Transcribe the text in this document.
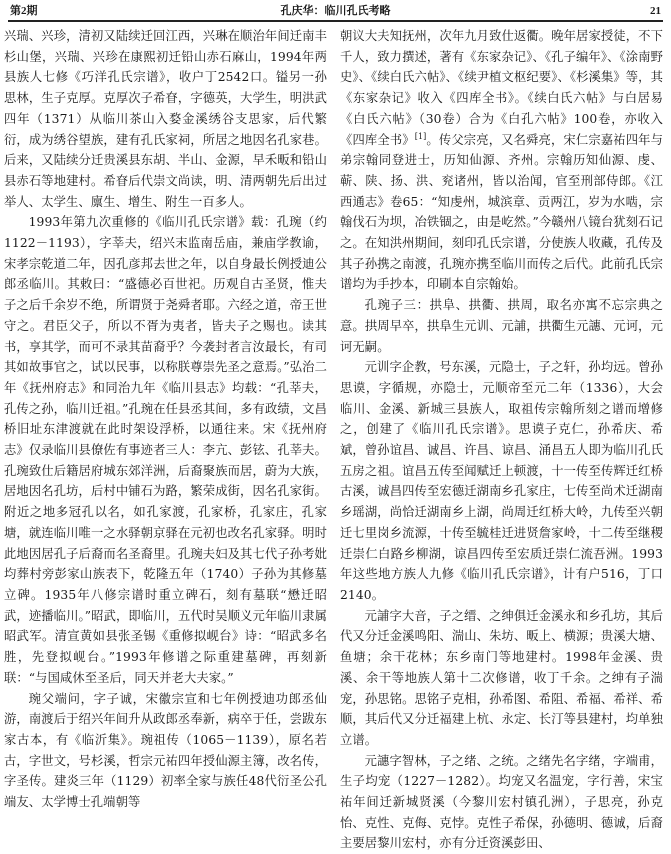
第2期	孔庆华：临川孔氏考略	21

兴瑞、兴珍，清初又陆续迁回江西，兴琳在顺治年间迁南丰杉山堡，兴瑞、兴珍在康熙初迁铅山赤石麻山，1994年两县族人七修《巧洋孔氏宗谱》，收户丁2542口。镒另一孙思林，生子克厚。克厚次子希眘，字德英，大学生，明洪武四年（1371）从临川茶山入婺金溪绣谷支思家，后代繁衍，成为绣谷望族，建有孔氏家祠，所居之地因名孔家巷。后来，又陆续分迁贵溪县东胡、半山、金源，早禾畈和铅山县赤石等地建村。希眘后代崇文尚读，明、清两朝先后出过举人、太学生、廪生、增生、附生一百多人。

1993年第九次重修的《临川孔氏宗谱》载：孔琬（约1122－1193），字莘夫，绍兴末监南岳庙，兼庙学教谕，宋孝宗乾道二年，因孔彦邦去世之年，以自身最长例授迪公郎丞临川。其敕曰：“盛德必百世祀。历观自古圣贤，惟夫子之后千余岁不绝，所谓贤于尧舜者耶。六经之道，帝王世守之。君臣父子，所以不胥为夷者，皆夫子之赐也。读其书，享其学，而可不录其苗裔乎？今袭封者言汝最长，有司其如故事官之，试以民事，以称朕尊崇先圣之意焉。”弘治二年《抚州府志》和同治九年《临川县志》均载：“孔莘夫，孔传之孙，临川迁祖。”孔琬在任县丞其间，多有政绩，文昌桥旧址东津渡就在此时架设浮桥，以通往来。宋《抚州府志》仅录临川县僚佐有事迹者三人：李亢、彭铉、孔莘夫。孔琬致仕后籍居府城东郊洋洲，后裔聚族而居，蔚为大族，居地因名孔坊，后村中铺石为路，繁荣成街，因名孔家街。附近之地多冠孔以名，如孔家渡，孔家桥，孔家庄，孔家塘，就连临川唯一之水驿朝京驿在元初也改名孔家驿。明时此地因居孔子后裔而名圣裔里。孔琬夫妇及其七代子孙考妣均葬村旁彭家山族表下，乾隆五年（1740）子孙为其修墓立碑。1935年八修宗谱时重立碑石，刻有墓联“懋迁昭武，迹播临川。”昭武，即临川，五代时吴顺义元年临川隶属昭武军。清宣黄如县张圣锡《重修拟岘台》诗：“昭武多名胜，先登拟岘台。”1993年修谱之际重建墓碑，再刻新联：“与国咸休至圣后，同天并老大夫家。”

琬父端问，字子诚，宋徽宗宣和七年例授迪功郎丞仙游，南渡后于绍兴年间升从政郎丞奉新，病卒于任，尝跋东家古本，有《临沂集》。琬祖传（1065－1139），原名若古，字世文，号杉溪，哲宗元祐四年授仙源主簿，改名传，字圣传。建炎三年（1129）初率全家与族任48代衍圣公孔端友、太学博士孔端朝等

朝议大夫知抚州，次年九月致仕返衢。晚年居家授徒，不下千人，致力撰述，著有《东家杂记》、《孔子编年》、《涂南野史》、《续白氏六帖》、《续尹植文枢纪要》、《杉溪集》等，其《东家杂记》收入《四库全书》。《续白氏六帖》与白居易《白氏六帖》（30卷）合为《白孔六帖》100卷，亦收入《四库全书》[1]。传父宗亮，又名舜亮，宋仁宗嘉祐四年与弟宗翰同登进士，历知仙源、齐州。宗翰历知仙源、虔、蕲、陕、扬、洪、兖诸州，皆以治闻，官至刑部侍郎。《江西通志》卷65：“知虔州，城滨章、贡两江，岁为水啮，宗翰伐石为坝，冶铁锢之，由是屹然。”今赣州八镜台犹刻石记之。在知洪州期间，刻印孔氏宗谱，分使族人收藏，孔传及其子孙携之南渡，孔琬亦携至临川而传之后代。此前孔氏宗谱均为手抄本，印刷本自宗翰始。

孔琬子三：拱阜、拱衢、拱周，取名亦寓不忘宗典之意。拱周早卒，拱阜生元训、元誧，拱衢生元譓、元诃，元诃无嗣。

元训字企教，号东溪，元隐士，子之轩，孙均远。曾孙思谟，字循规，亦隐士，元顺帝至元二年（1336），大会临川、金溪、新城三县族人，取祖传宗翰所刻之谱而增修之，创建了《临川孔氏宗谱》。思谟子克仁，孙希庆、希斌，曾孙谊昌、诚昌、许昌、谅昌、涌昌五人即为临川孔氏五房之祖。谊昌五传至闻赋迁上顿渡，十一传至传辉迁红桥古溪，诚昌四传至宏德迁湖南乡孔家庄，七传至尚术迁湖南乡瑶湖，尚恰迁湖南乡上湖，尚周迁红桥大岭，九传至兴朝迁七里岗乡流源，十传至毓桂迁进贤詹家岭，十二传至继稷迁崇仁白路乡柳湖，谅昌四传至宏质迁崇仁流吾洲。1993年这些地方族人九修《临川孔氏宗谱》，计有户516，丁口2140。

元誧字大音，子之缙、之绅俱迁金溪永和乡孔坊，其后代又分迁金溪鸣阳、湍山、朱坊、畈上、横源；贵溪大塘、鱼塘；余干花林；东乡南门等地建村。1998年金溪、贵溪、余干等地族人第十二次修谱，收丁千余。之绅有子湍宠，孙思铭。思铭子克相，孙希图、希阻、希福、希祥、希顺，其后代又分迁福建上杭、永定、长汀等县建村，均单独立谱。

元譓字智林，子之绪、之统。之绪先名字绪，字端甫，生子均宠（1227－1282）。均宠又名温宠，字行善，宋宝祐年间迁新城贤溪（今黎川宏村镇孔洲），子思亮，孙克怡、克性、克侮、克悖。克性子希保，孙德明、德诚，后裔主要居黎川宏村，亦有分迁资溪彭田、
